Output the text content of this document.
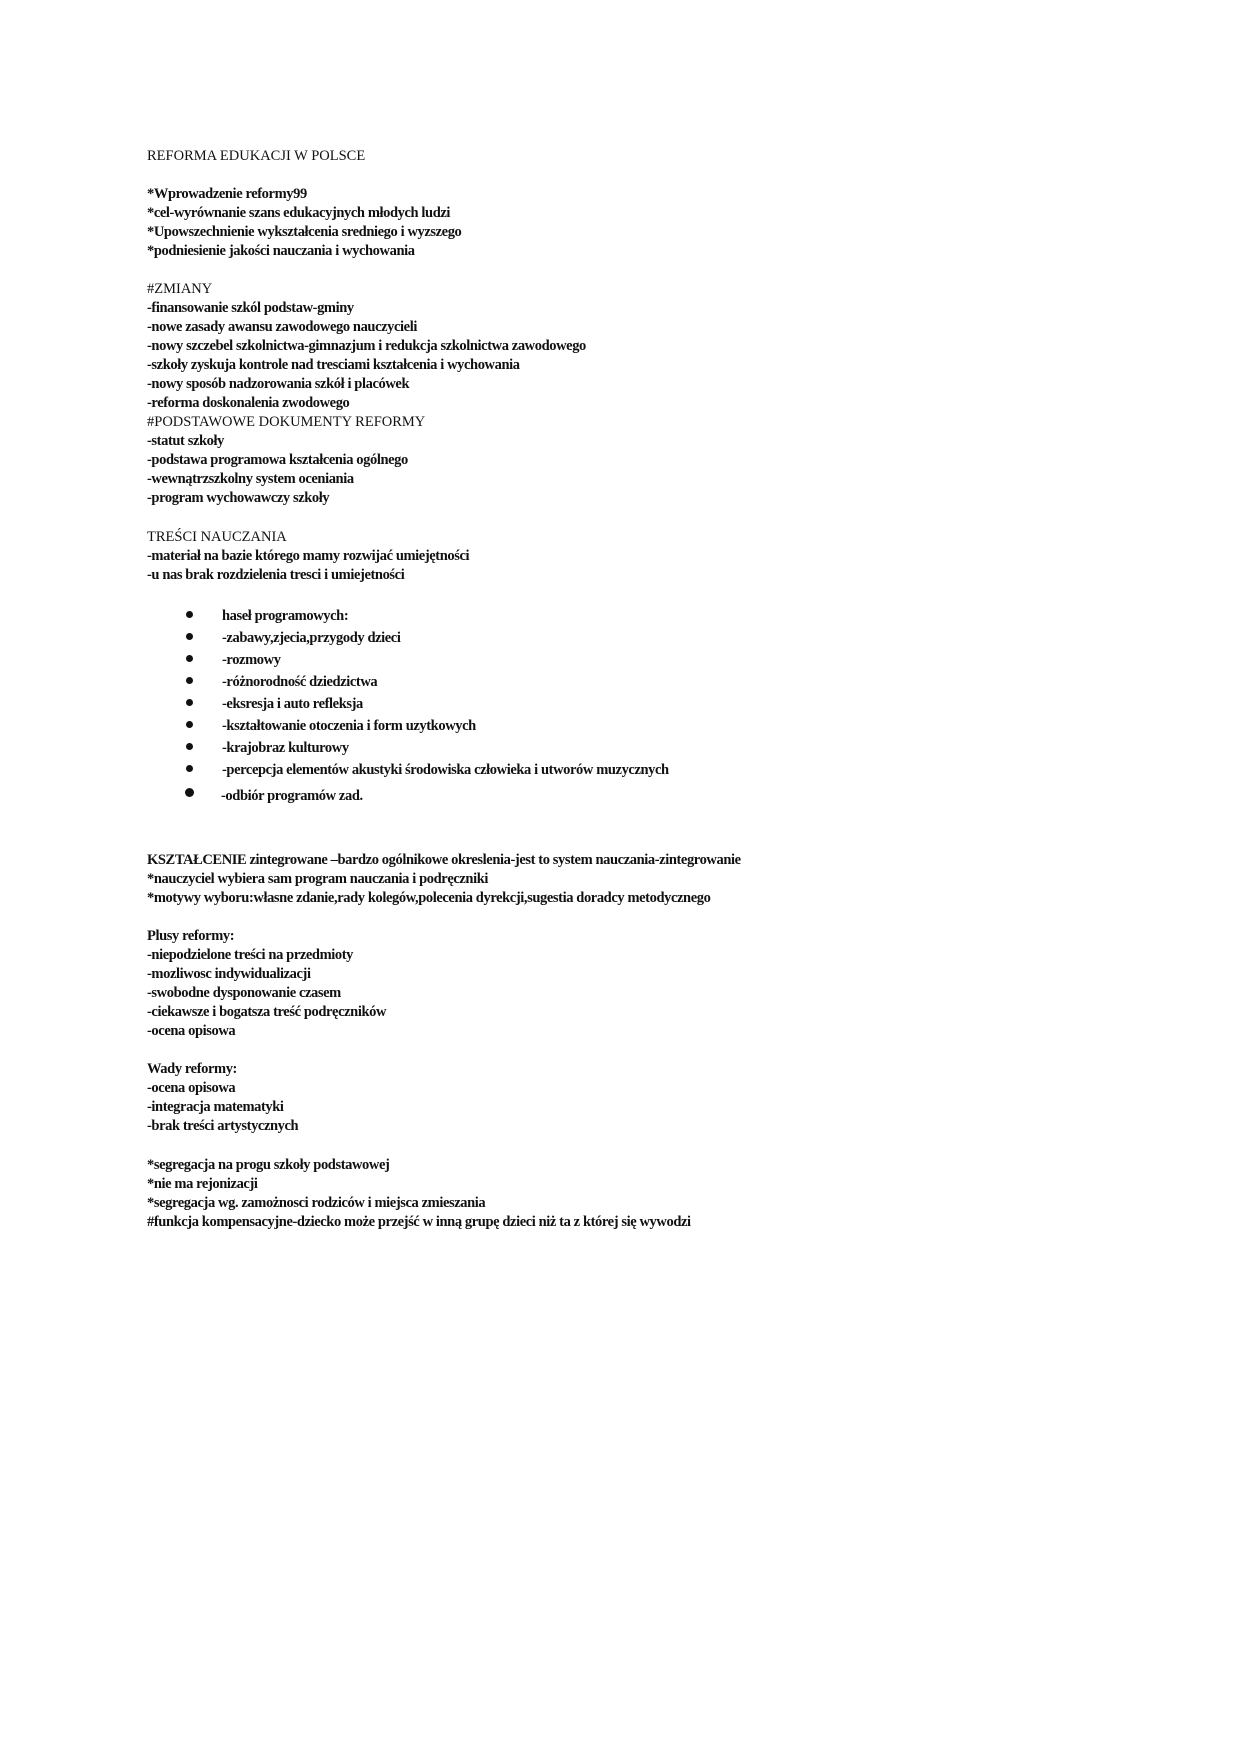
REFORMA EDUKACJI W POLSCE
*Wprowadzenie reformy99
*cel-wyrównanie szans edukacyjnych młodych ludzi
*Upowszechnienie wykształcenia sredniego i wyzszego
*podniesienie jakości nauczania i wychowania
#ZMIANY
-finansowanie szkól podstaw-gminy
-nowe zasady awansu zawodowego nauczycieli
-nowy szczebel szkolnictwa-gimnazjum i redukcja szkolnictwa zawodowego
-szkoły zyskuja kontrole nad tresciami kształcenia i wychowania
-nowy sposób nadzorowania szkół i placówek
-reforma doskonalenia zwodowego
#PODSTAWOWE DOKUMENTY REFORMY
-statut szkoły
-podstawa programowa kształcenia ogólnego
-wewnątrzszkolny system oceniania
-program wychowawczy szkoły
TREŚCI NAUCZANIA
-materiał na bazie którego mamy rozwijać umiejętności
-u nas brak rozdzielenia tresci i umiejetności
haseł programowych:
-zabawy,zjecia,przygody dzieci
-rozmowy
-różnorodność dziedzictwa
-eksresja i auto refleksja
-kształtowanie otoczenia i form uzytkowych
-krajobraz kulturowy
-percepcja elementów akustyki środowiska człowieka i utworów muzycznych
-odbiór programów zad.
KSZTAŁCENIE zintegrowane –bardzo ogólnikowe okreslenia-jest to system nauczania-zintegrowanie
*nauczyciel wybiera sam program nauczania i podręczniki
*motywy wyboru:własne zdanie,rady kolegów,polecenia dyrekcji,sugestia doradcy metodycznego
Plusy reformy:
-niepodzielone treści na przedmioty
-mozliwosc indywidualizacji
-swobodne dysponowanie czasem
-ciekawsze i bogatsza treść podręczników
-ocena opisowa
Wady reformy:
-ocena opisowa
-integracja matematyki
-brak treści artystycznych
*segregacja na progu szkoły podstawowej
*nie ma rejonizacji
*segregacja wg. zamożnosci rodziców i miejsca zmieszania
#funkcja kompensacyjne-dziecko może przejść w inną grupę dzieci niż ta z której się wywodzi
